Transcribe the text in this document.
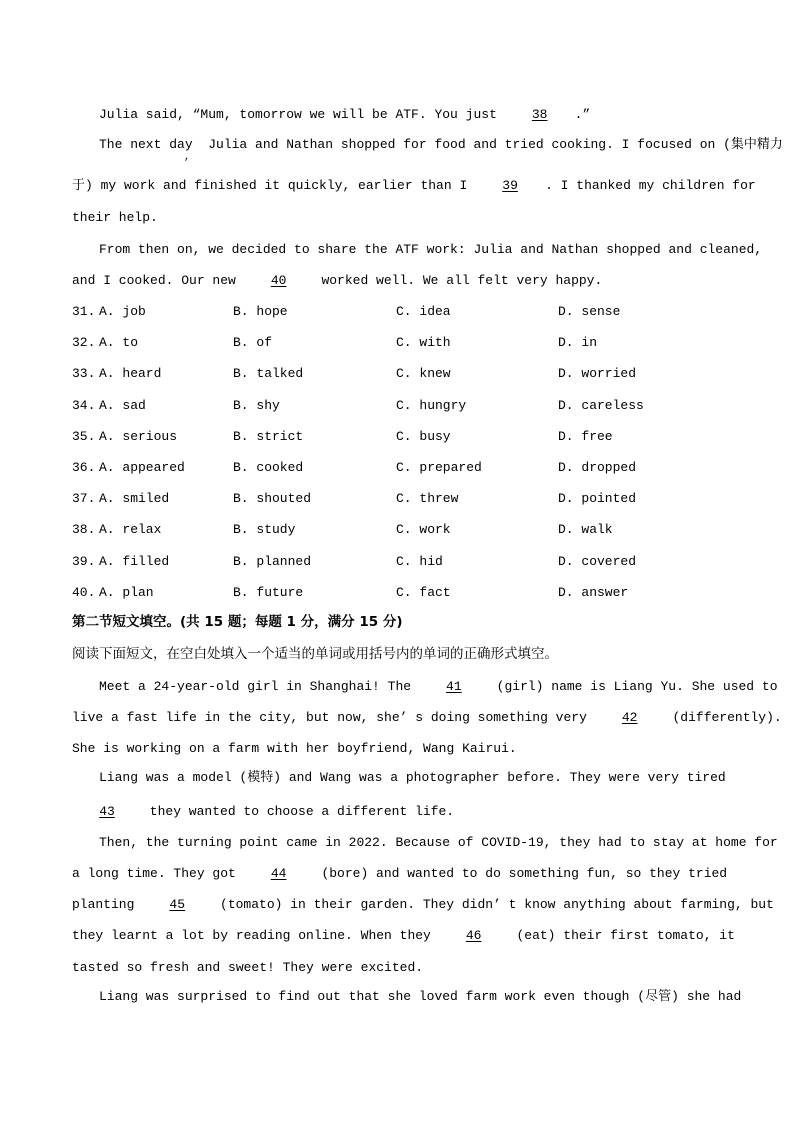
Julia said, “Mum, tomorrow we will be ATF. You just 38 .”
The next day  Julia and Nathan shopped for food and tried cooking. I focused on (集中精力
于) my work and finished it quickly, earlier than I 39 . I thanked my children for
their help.
From then on, we decided to share the ATF work: Julia and Nathan shopped and cleaned,
and I cooked. Our new 40 worked well. We all felt very happy.
,
31. A. job	B. hope	C. idea	D. sense
32. A. to	B. of	C. with	D. in
33. A. heard	B. talked	C. knew	D. worried
34. A. sad	B. shy	C. hungry	D. careless
35. A. serious	B. strict	C. busy	D. free
36. A. appeared	B. cooked	C. prepared	D. dropped
37. A. smiled	B. shouted	C. threw	D. pointed
38. A. relax	B. study	C. work	D. walk
39. A. filled	B. planned	C. hid	D. covered
40. A. plan	B. future	C. fact	D. answer
第二节短文填空。(共 15 题；每题 1 分，满分 15 分)
阅读下面短文，在空白处填入一个适当的单词或用括号内的单词的正确形式填空。
Meet a 24-year-old girl in Shanghai! The 41 (girl) name is Liang Yu. She used to
live a fast life in the city, but now, she’ s doing something very 42 (differently).
She is working on a farm with her boyfriend, Wang Kairui.
Liang was a model (模特) and Wang was a photographer before. They were very tired
43 they wanted to choose a different life.
Then, the turning point came in 2022. Because of COVID-19, they had to stay at home for
a long time. They got 44 (bore) and wanted to do something fun, so they tried
planting 45 (tomato) in their garden. They didn’ t know anything about farming, but
they learnt a lot by reading online. When they 46 (eat) their first tomato, it
tasted so fresh and sweet! They were excited.
Liang was surprised to find out that she loved farm work even though (尽管) she had
